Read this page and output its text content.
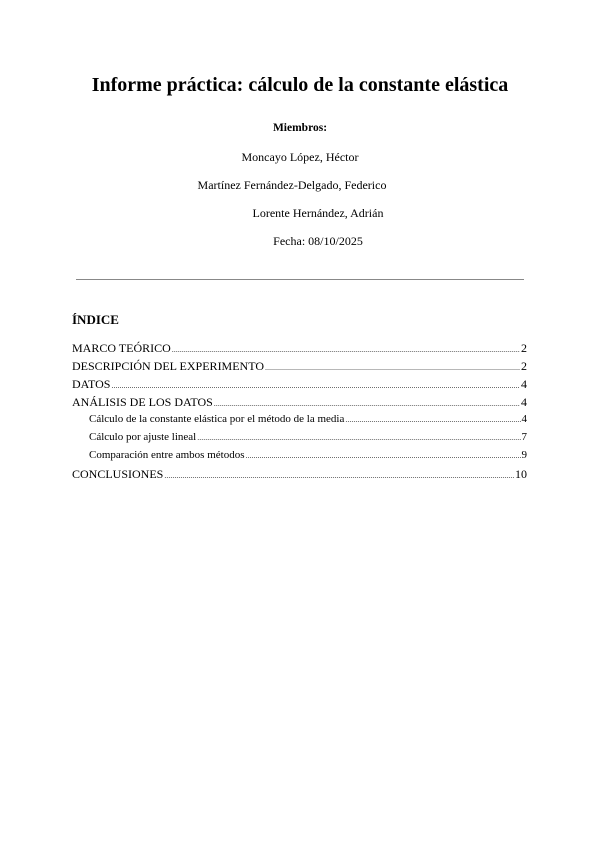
Informe práctica: cálculo de la constante elástica
Miembros:
Moncayo López, Héctor
Martínez Fernández-Delgado, Federico
Lorente Hernández, Adrián
Fecha: 08/10/2025
ÍNDICE
MARCO TEÓRICO .....	2
DESCRIPCIÓN DEL EXPERIMENTO .....	2
DATOS .....	4
ANÁLISIS DE LOS DATOS .....	4
Cálculo de la constante elástica por el método de la media .....	4
Cálculo por ajuste lineal .....	7
Comparación entre ambos métodos .....	9
CONCLUSIONES .....	10
